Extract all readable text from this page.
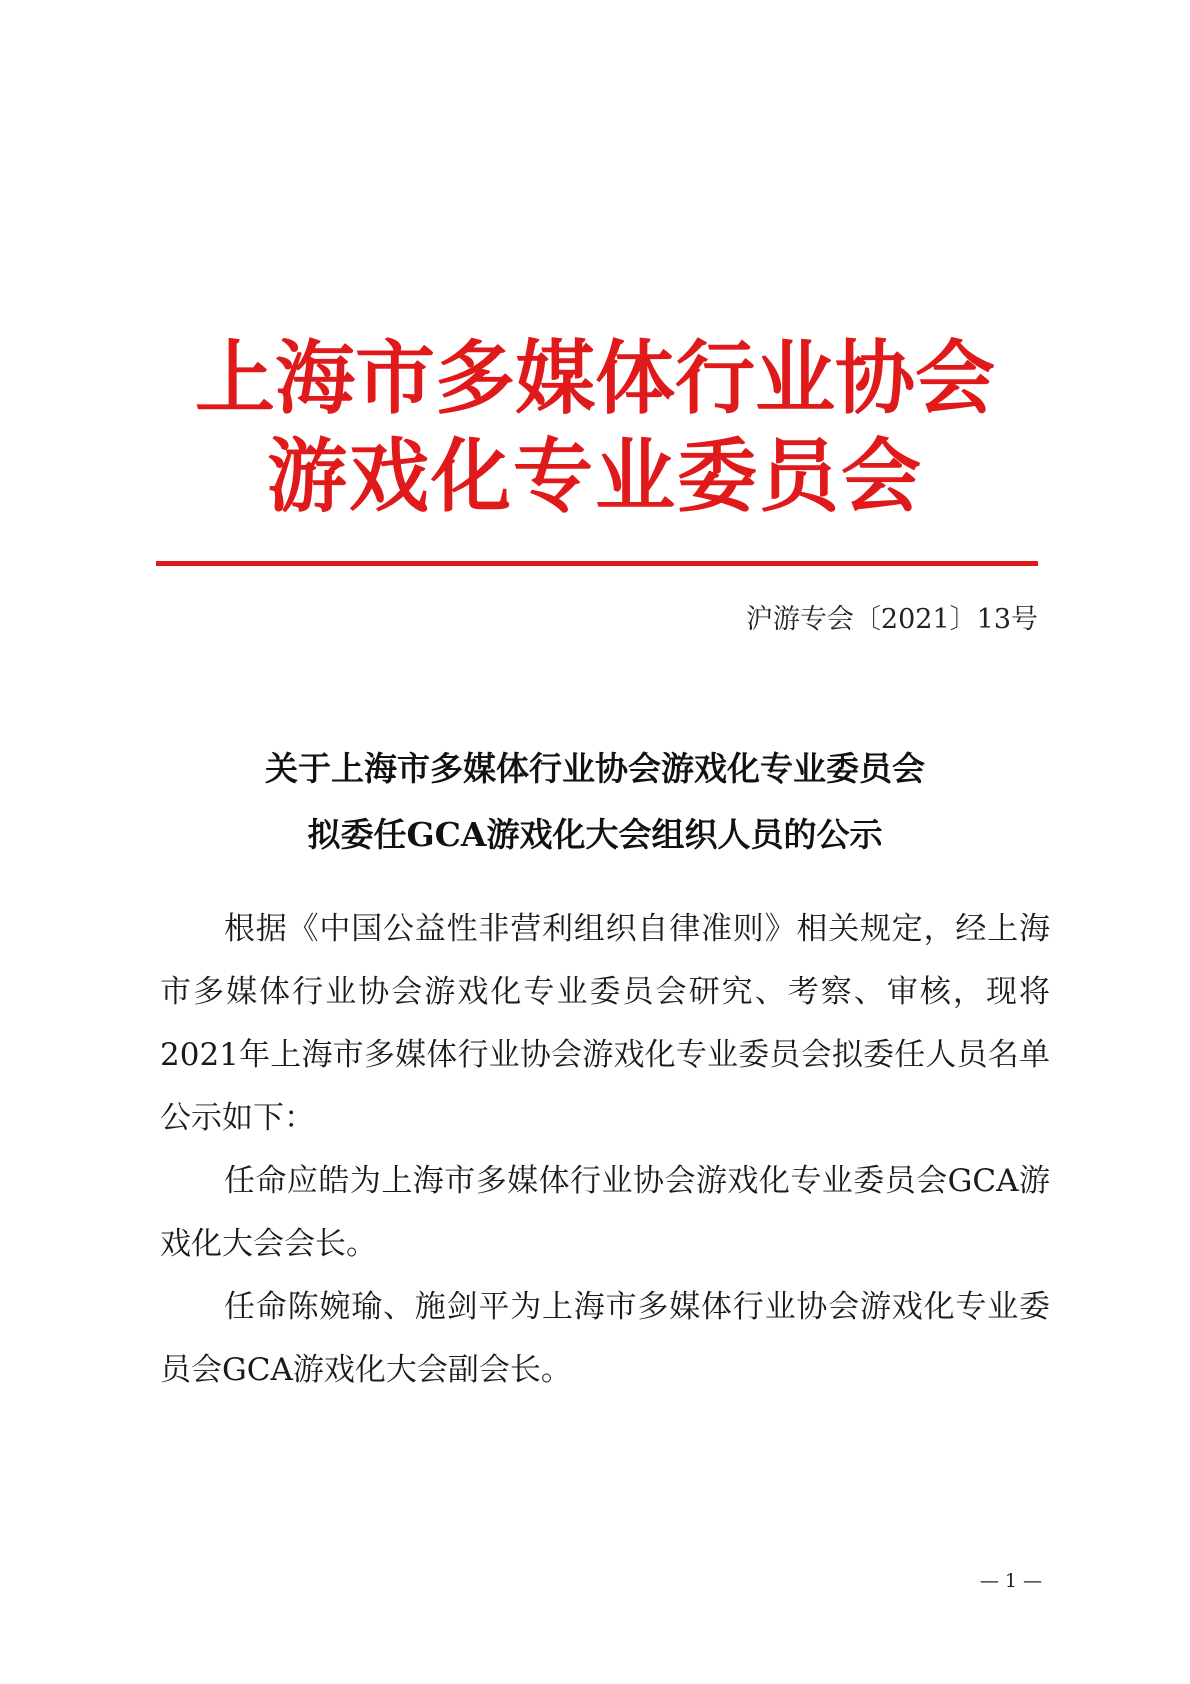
上海市多媒体行业协会
游戏化专业委员会
沪游专会〔2021〕13号
关于上海市多媒体行业协会游戏化专业委员会
拟委任GCA游戏化大会组织人员的公示

根据《中国公益性非营利组织自律准则》相关规定，经上海市多媒体行业协会游戏化专业委员会研究、考察、审核，现将2021年上海市多媒体行业协会游戏化专业委员会拟委任人员名单公示如下：

任命应皓为上海市多媒体行业协会游戏化专业委员会GCA游戏化大会会长。

任命陈婉瑜、施剑平为上海市多媒体行业协会游戏化专业委员会GCA游戏化大会副会长。

— 1 —
